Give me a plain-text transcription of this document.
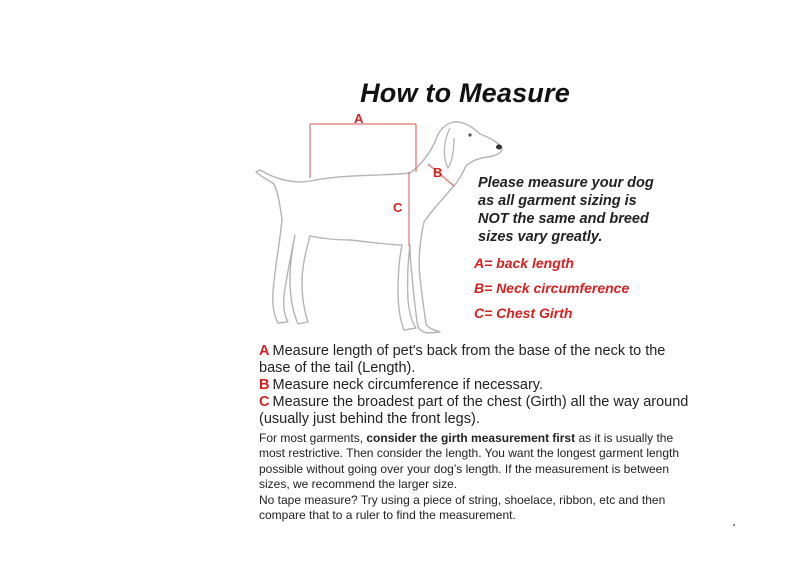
How to Measure
A
B
C
Please measure your dog
as all garment sizing is
NOT the same and breed
sizes vary greatly.
A= back length
B= Neck circumference
C= Chest Girth

A Measure length of pet's back from the base of the neck to the base of the tail (Length).

B Measure neck circumference if necessary.

C Measure the broadest part of the chest (Girth) all the way around (usually just behind the front legs).

For most garments, consider the girth measurement first as it is usually the most restrictive. Then consider the length. You want the longest garment length possible without going over your dog’s length. If the measurement is between sizes, we recommend the larger size.

No tape measure? Try using a piece of string, shoelace, ribbon, etc and then compare that to a ruler to find the measurement.
